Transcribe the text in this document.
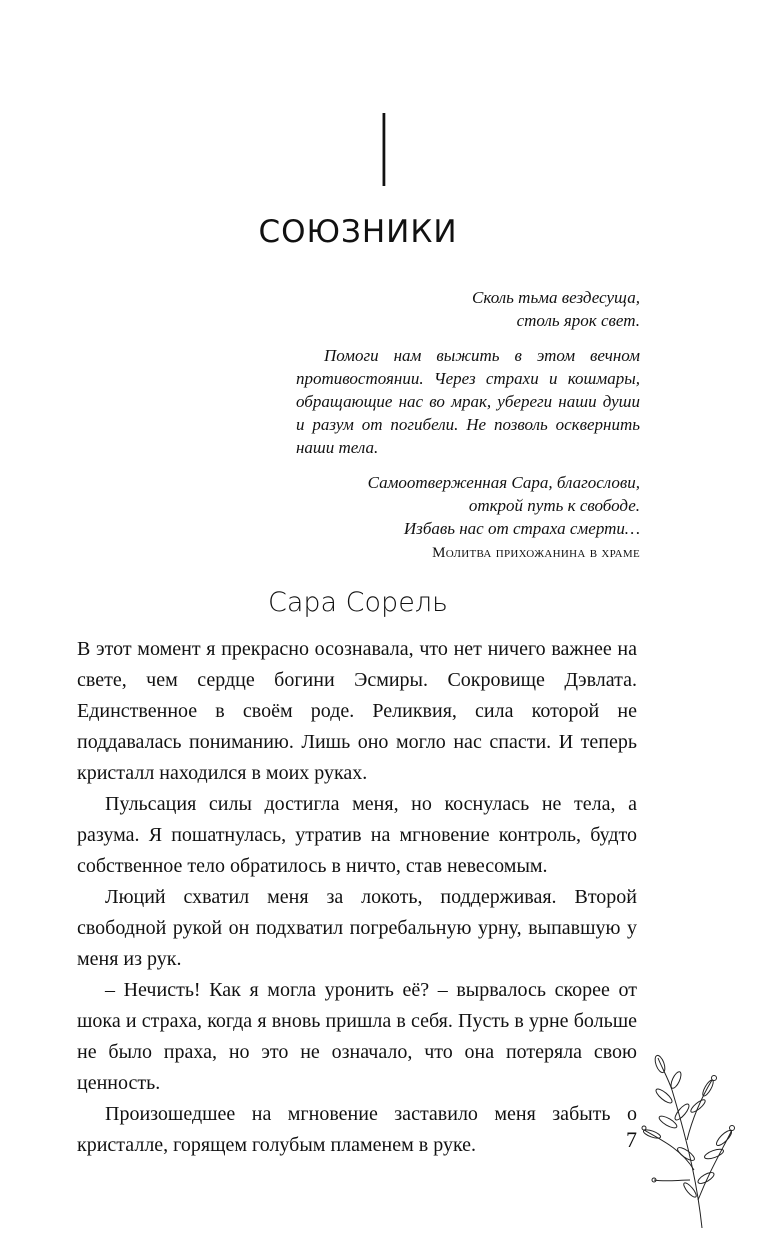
I
СОЮЗНИКИ

Сколь тьма вездесуща,
столь ярок свет.

Помоги нам выжить в этом вечном противостоянии. Через страхи и кошмары, обращающие нас во мрак, убереги наши души и разум от погибели. Не позволь осквернить наши тела.

Самоотверженная Сара, благослови,
открой путь к свободе.
Избавь нас от страха смерти…

Молитва прихожанина в храме

Сара Сорель

В этот момент я прекрасно осознавала, что нет ничего важнее на свете, чем сердце богини Эсмиры. Сокровище Дэвлата. Единственное в своём роде. Реликвия, сила которой не поддавалась пониманию. Лишь оно могло нас спасти. И теперь кристалл находился в моих руках.

Пульсация силы достигла меня, но коснулась не тела, а разума. Я пошатнулась, утратив на мгновение контроль, будто собственное тело обратилось в ничто, став невесомым.

Люций схватил меня за локоть, поддерживая. Второй свободной рукой он подхватил погребальную урну, выпавшую у меня из рук.

– Нечисть! Как я могла уронить её? – вырвалось скорее от шока и страха, когда я вновь пришла в себя. Пусть в урне больше не было праха, но это не означало, что она потеряла свою ценность.

Произошедшее на мгновение заставило меня забыть о кристалле, горящем голубым пламенем в руке.	7
